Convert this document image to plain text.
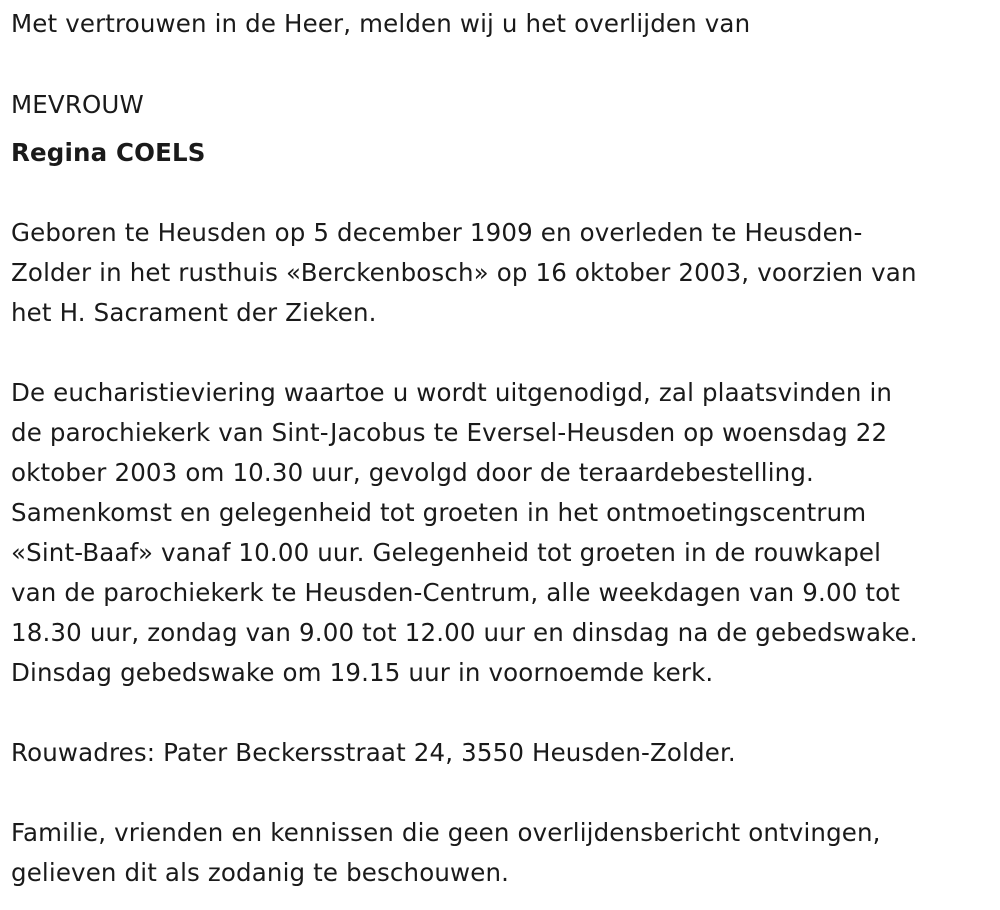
Met vertrouwen in de Heer, melden wij u het overlijden van
MEVROUW
Regina COELS
Geboren te Heusden op 5 december 1909 en overleden te Heusden-
Zolder in het rusthuis «Berckenbosch» op 16 oktober 2003, voorzien van
het H. Sacrament der Zieken.
De eucharistieviering waartoe u wordt uitgenodigd, zal plaatsvinden in
de parochiekerk van Sint-Jacobus te Eversel-Heusden op woensdag 22
oktober 2003 om 10.30 uur, gevolgd door de teraardebestelling.
Samenkomst en gelegenheid tot groeten in het ontmoetingscentrum
«Sint-Baaf» vanaf 10.00 uur. Gelegenheid tot groeten in de rouwkapel
van de parochiekerk te Heusden-Centrum, alle weekdagen van 9.00 tot
18.30 uur, zondag van 9.00 tot 12.00 uur en dinsdag na de gebedswake.
Dinsdag gebedswake om 19.15 uur in voornoemde kerk.
Rouwadres: Pater Beckersstraat 24, 3550 Heusden-Zolder.
Familie, vrienden en kennissen die geen overlijdensbericht ontvingen,
gelieven dit als zodanig te beschouwen.
